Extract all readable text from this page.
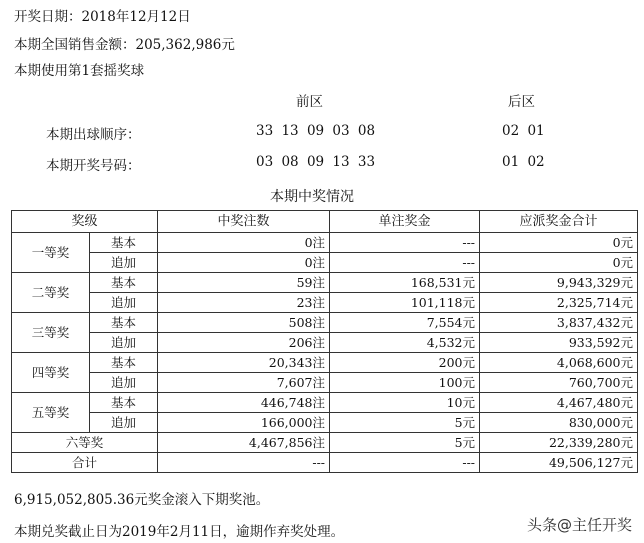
开奖日期：2018年12月12日
本期全国销售金额：205,362,986元
本期使用第1套摇奖球
前区	后区
本期出球顺序：	33 13 09 03 08	02 01
本期开奖号码：	03 08 09 13 33	01 02
本期中奖情况
奖级		中奖注数	单注奖金	应派奖金合计
一等奖	基本	0注	---	0元
	追加	0注	---	0元
二等奖	基本	59注	168,531元	9,943,329元
	追加	23注	101,118元	2,325,714元
三等奖	基本	508注	7,554元	3,837,432元
	追加	206注	4,532元	933,592元
四等奖	基本	20,343注	200元	4,068,600元
	追加	7,607注	100元	760,700元
五等奖	基本	446,748注	10元	4,467,480元
	追加	166,000注	5元	830,000元
六等奖		4,467,856注	5元	22,339,280元
合计		---	---	49,506,127元
6,915,052,805.36元奖金滚入下期奖池。
本期兑奖截止日为2019年2月11日，逾期作弃奖处理。	头条@主任开奖
